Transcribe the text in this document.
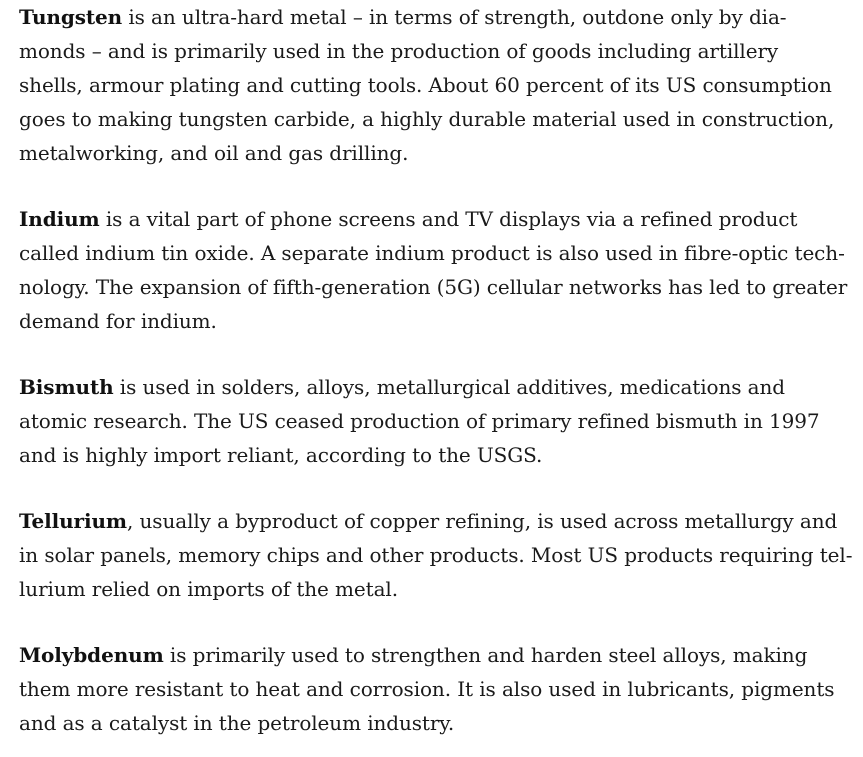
Tungsten is an ultra-hard metal – in terms of strength, outdone only by dia-
monds – and is primarily used in the production of goods including artillery
shells, armour plating and cutting tools. About 60 percent of its US consumption
goes to making tungsten carbide, a highly durable material used in construction,
metalworking, and oil and gas drilling.

Indium is a vital part of phone screens and TV displays via a refined product
called indium tin oxide. A separate indium product is also used in fibre-optic tech-
nology. The expansion of fifth-generation (5G) cellular networks has led to greater
demand for indium.

Bismuth is used in solders, alloys, metallurgical additives, medications and
atomic research. The US ceased production of primary refined bismuth in 1997
and is highly import reliant, according to the USGS.

Tellurium, usually a byproduct of copper refining, is used across metallurgy and
in solar panels, memory chips and other products. Most US products requiring tel-
lurium relied on imports of the metal.

Molybdenum is primarily used to strengthen and harden steel alloys, making
them more resistant to heat and corrosion. It is also used in lubricants, pigments
and as a catalyst in the petroleum industry.
